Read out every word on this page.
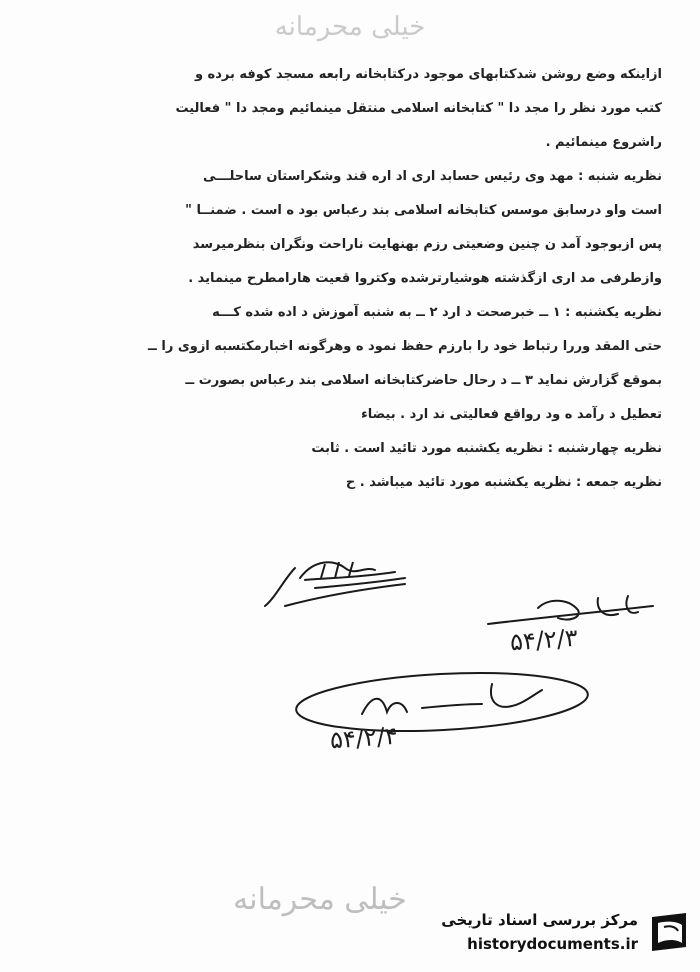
خیلی محرمانه
ازاینکه وضع روشن شدکتابهای موجود درکتابخانه رابعه مسجد کوفه برده و
کتب مورد نظر را مجد دا " کتابخانه اسلامی منتقل مینمائیم ومجد دا " فعالیت
راشروع مینمائیم .
نظریه شنبه : مهد وی رئیس حسابد اری اد اره قند وشکراستان ساحلـــی
است واو درسابق موسس کتابخانه اسلامی بند رعباس بود ه است . ضمنــا "
پس ازبوجود آمد ن چنین وضعیتی رزم بهنهایت ناراحت ونگران بنظرمیرسد
وازطرفی مد اری ازگذشته هوشیارترشده وکتروا قعیت هارامطرح مینماید .
نظریه یکشنبه : ۱ ــ خبرصحت د ارد ۲ ــ به شنبه آموزش د اده شده کـــه
حتی المقد وررا رتباط خود را بارزم حفظ نمود ه وهرگونه اخبارمکتسبه ازوی را ــ
بموقع گزارش نماید ۳ ــ د رحال حاضرکتابخانه اسلامی بند رعباس بصورت ــ
تعطیل د رآمد ه ود رواقع فعالیتی ند ارد . بیضاء
نظریه چهارشنبه : نظریه یکشنبه مورد تائید است . ثابت
نظریه جمعه : نظریه یکشنبه مورد تائید میباشد . ح
۵۴/۲/۳
۵۴/۲/۴
خیلی محرمانه
مرکز بررسی اسناد تاریخی
historydocuments.ir
